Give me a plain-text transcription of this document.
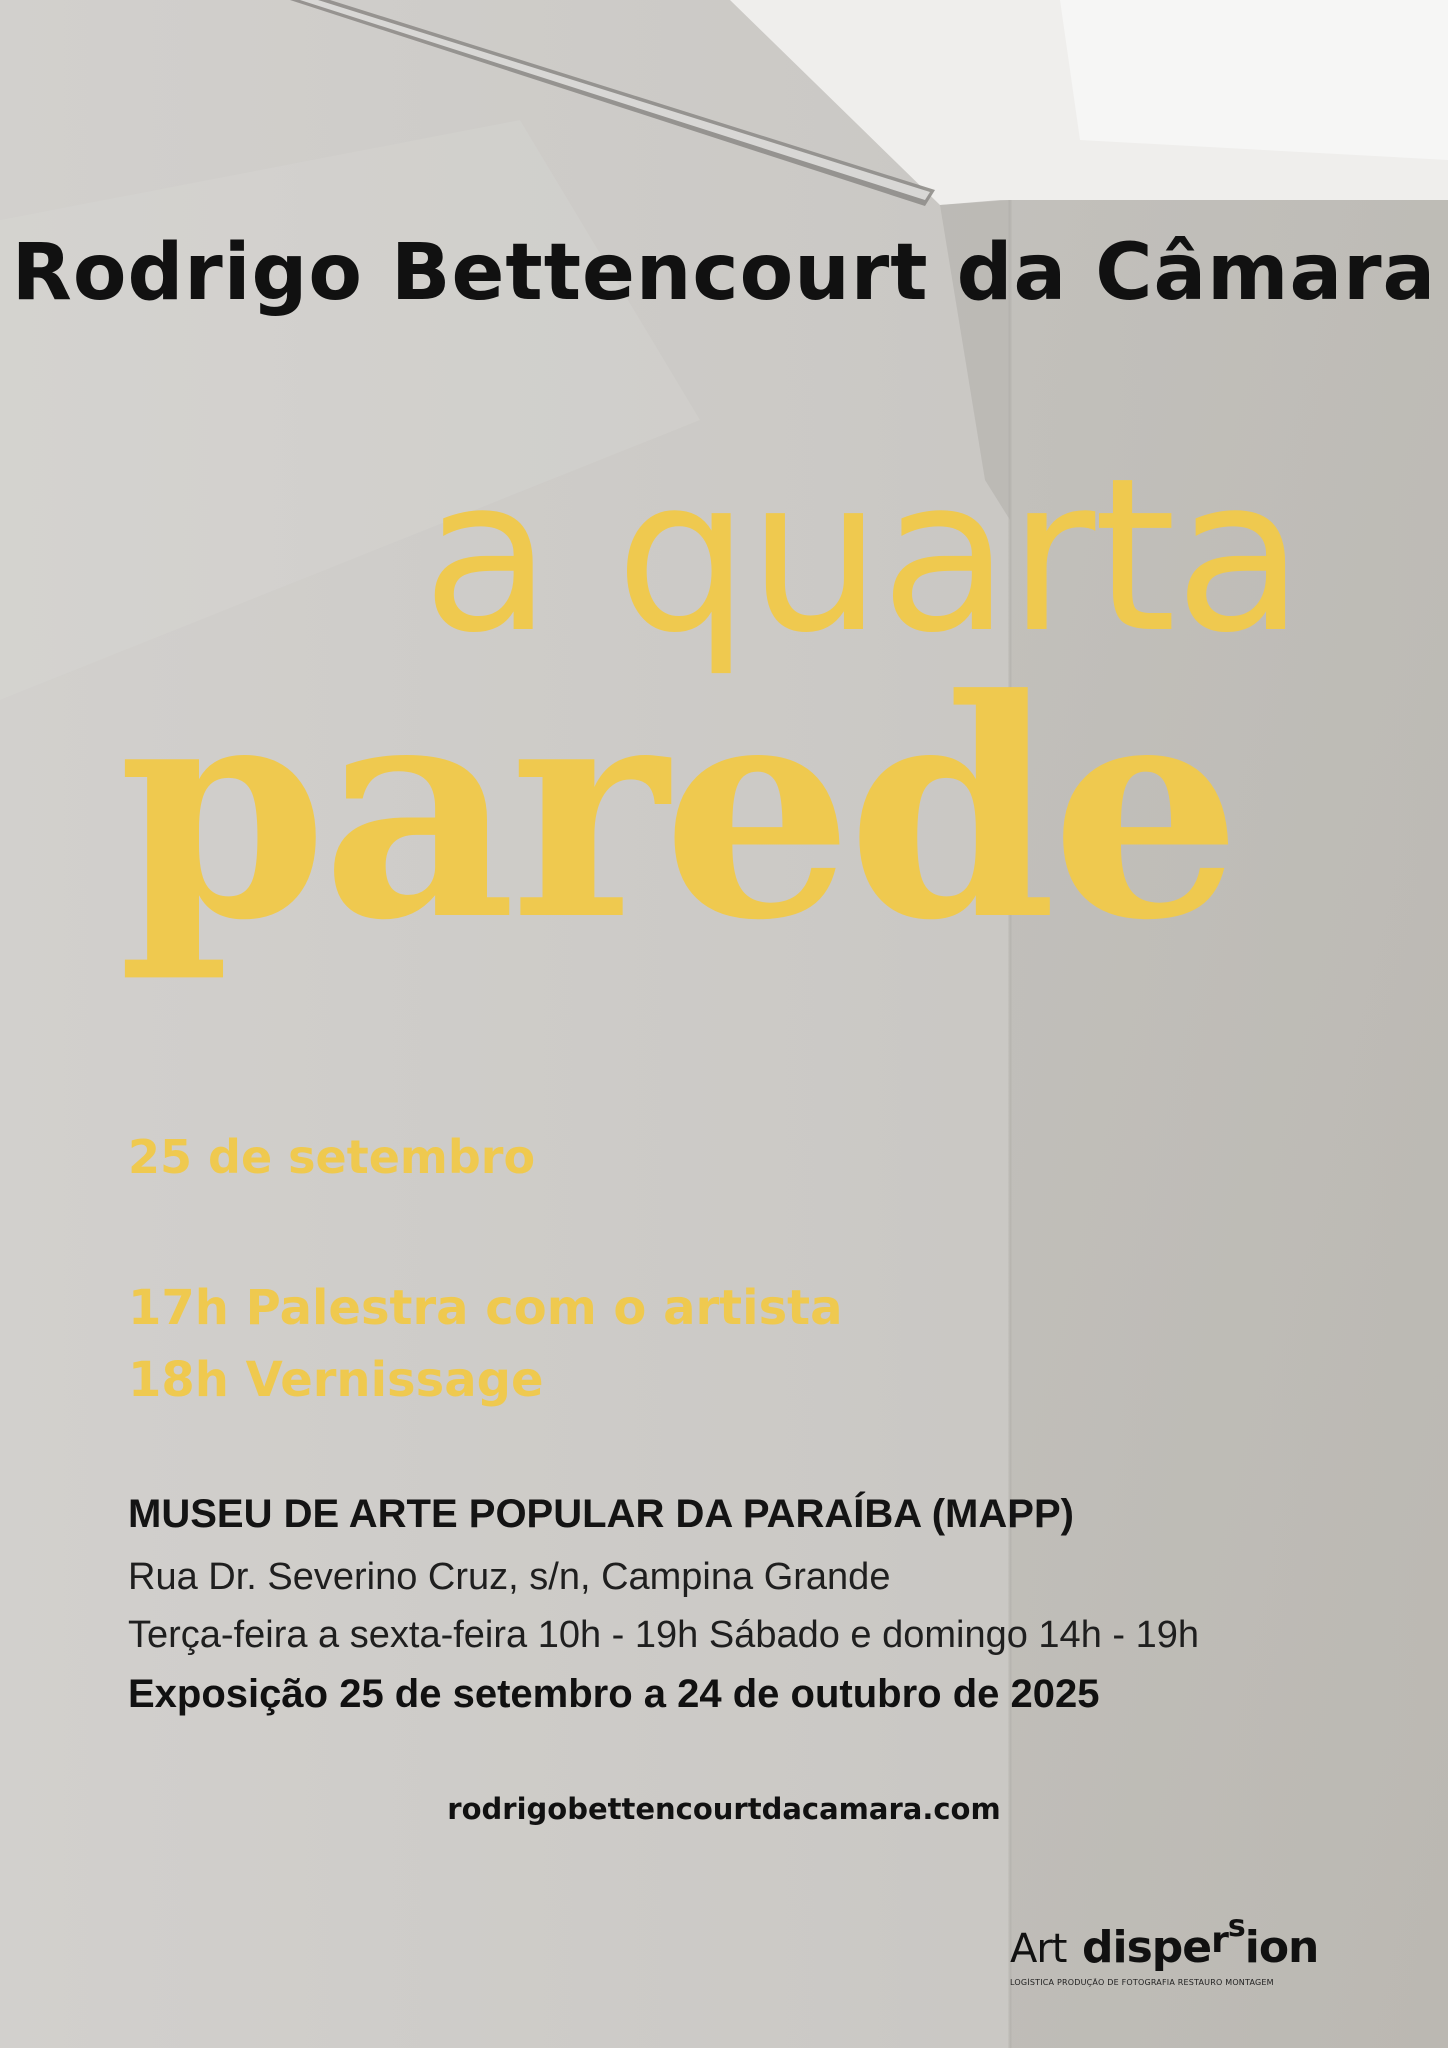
Rodrigo Bettencourt da Câmara
a quarta
parede

25 de setembro

17h Palestra com o artista
18h Vernissage

MUSEU DE ARTE POPULAR DA PARAÍBA (MAPP)

Rua Dr. Severino Cruz, s/n, Campina Grande

Terça-feira a sexta-feira 10h - 19h Sábado e domingo 14h - 19h

Exposição 25 de setembro a 24 de outubro de 2025

rodrigobettencourtdacamara.com
Art dispe$^{rs}$ion
LOGÍSTICA PRODUÇÃO DE FOTOGRAFIA RESTAURO MONTAGEM
